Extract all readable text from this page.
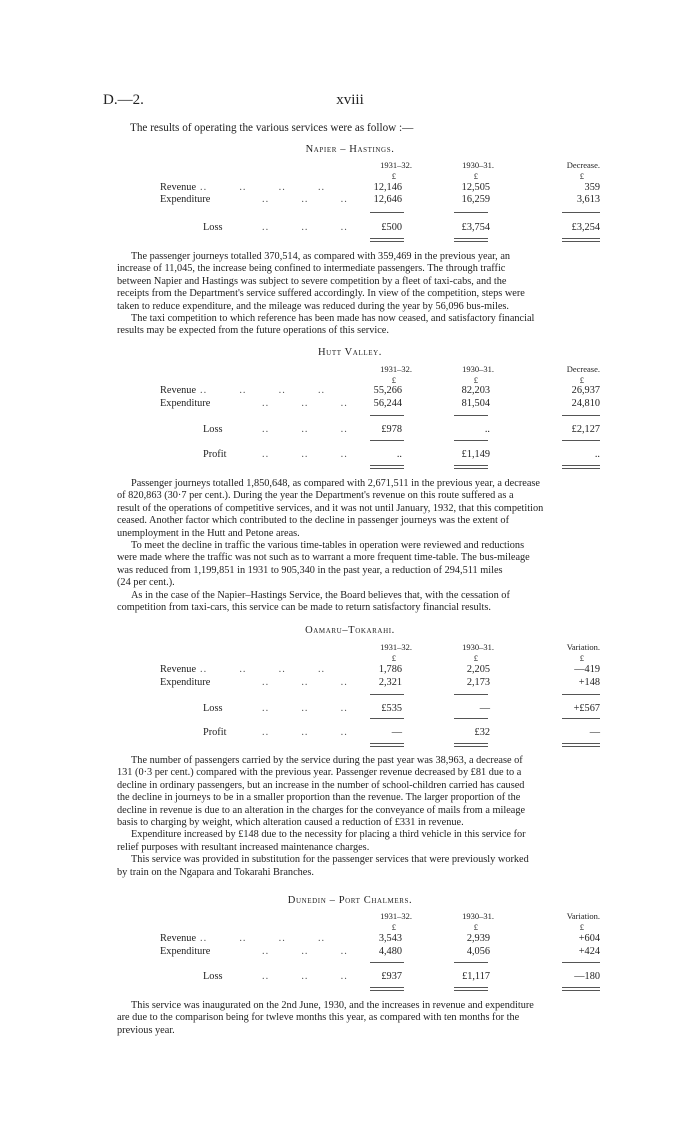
D.—2.	xviii
The results of operating the various services were as follow :—
Napier – Hastings.
1931–32.	1930–31.	Decrease.
£	£	£
Revenue ..         ..         ..         ..	12,146	12,505	359
Expenditure	..         ..         ..	12,646	16,259	3,613
Loss	..         ..         ..	£500	£3,754	£3,254
The passenger journeys totalled 370,514, as compared with 359,469 in the previous year, an
increase of 11,045, the increase being confined to intermediate passengers. The through traffic
between Napier and Hastings was subject to severe competition by a fleet of taxi-cabs, and the
receipts from the Department's service suffered accordingly. In view of the competition, steps were
taken to reduce expenditure, and the mileage was reduced during the year by 56,096 bus-miles.
The taxi competition to which reference has been made has now ceased, and satisfactory financial
results may be expected from the future operations of this service.
Hutt Valley.
1931–32.	1930–31.	Decrease.
£	£	£
Revenue ..         ..         ..         ..	55,266	82,203	26,937
Expenditure	..         ..         ..	56,244	81,504	24,810
Loss	..         ..         ..	£978	..	£2,127
Profit	..         ..         ..	..	£1,149	..
Passenger journeys totalled 1,850,648, as compared with 2,671,511 in the previous year, a decrease
of 820,863 (30·7 per cent.). During the year the Department's revenue on this route suffered as a
result of the operations of competitive services, and it was not until January, 1932, that this competition
ceased. Another factor which contributed to the decline in passenger journeys was the extent of
unemployment in the Hutt and Petone areas.
To meet the decline in traffic the various time-tables in operation were reviewed and reductions
were made where the traffic was not such as to warrant a more frequent time-table. The bus-mileage
was reduced from 1,199,851 in 1931 to 905,340 in the past year, a reduction of 294,511 miles
(24 per cent.).
As in the case of the Napier–Hastings Service, the Board believes that, with the cessation of
competition from taxi-cars, this service can be made to return satisfactory financial results.
Oamaru–Tokarahi.
1931–32.	1930–31.	Variation.
£	£	£
Revenue ..         ..         ..         ..	1,786	2,205	—419
Expenditure	..         ..         ..	2,321	2,173	+148
Loss	..         ..         ..	£535	—	+£567
Profit	..         ..         ..	—	£32	—
The number of passengers carried by the service during the past year was 38,963, a decrease of
131 (0·3 per cent.) compared with the previous year. Passenger revenue decreased by £81 due to a
decline in ordinary passengers, but an increase in the number of school-children carried has caused
the decline in journeys to be in a smaller proportion than the revenue. The larger proportion of the
decline in revenue is due to an alteration in the charges for the conveyance of mails from a mileage
basis to charging by weight, which alteration caused a reduction of £331 in revenue.
Expenditure increased by £148 due to the necessity for placing a third vehicle in this service for
relief purposes with resultant increased maintenance charges.
This service was provided in substitution for the passenger services that were previously worked
by train on the Ngapara and Tokarahi Branches.
Dunedin – Port Chalmers.
1931–32.	1930–31.	Variation.
£	£	£
Revenue ..         ..         ..         ..	3,543	2,939	+604
Expenditure	..         ..         ..	4,480	4,056	+424
Loss	..         ..         ..	£937	£1,117	—180
This service was inaugurated on the 2nd June, 1930, and the increases in revenue and expenditure
are due to the comparison being for twleve months this year, as compared with ten months for the
previous year.
